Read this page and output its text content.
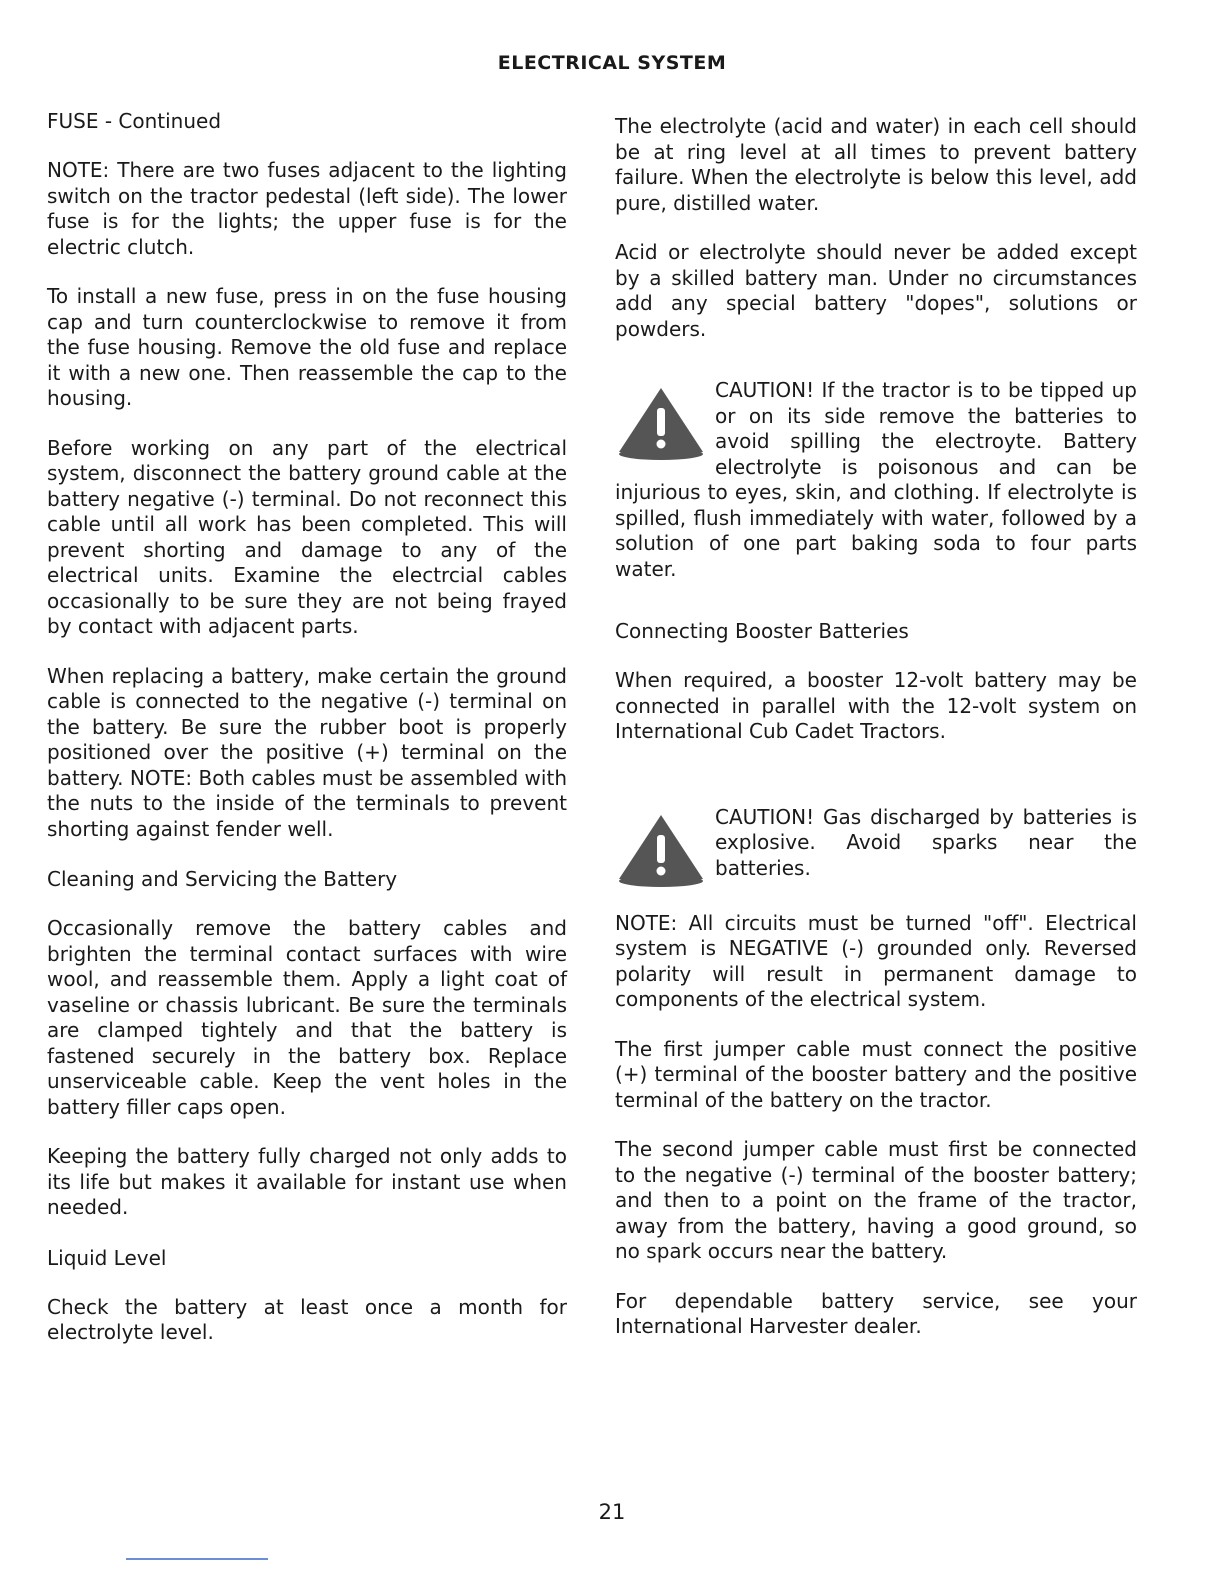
ELECTRICAL SYSTEM
FUSE - Continued

NOTE: There are two fuses adjacent to the lighting switch on the tractor pedestal (left side). The lower fuse is for the lights; the upper fuse is for the electric clutch.

To install a new fuse, press in on the fuse housing cap and turn counterclockwise to remove it from the fuse housing. Remove the old fuse and replace it with a new one. Then reassemble the cap to the housing.

Before working on any part of the electrical system, disconnect the battery ground cable at the battery negative (-) terminal. Do not reconnect this cable until all work has been completed. This will prevent shorting and damage to any of the electrical units. Examine the electrcial cables occasionally to be sure they are not being frayed by contact with adjacent parts.

When replacing a battery, make certain the ground cable is connected to the negative (-) terminal on the battery. Be sure the rubber boot is properly positioned over the positive (+) terminal on the battery. NOTE: Both cables must be assembled with the nuts to the inside of the terminals to prevent shorting against fender well.

Cleaning and Servicing the Battery

Occasionally remove the battery cables and brighten the terminal contact surfaces with wire wool, and reassemble them. Apply a light coat of vaseline or chassis lubricant. Be sure the terminals are clamped tightely and that the battery is fastened securely in the battery box. Replace unserviceable cable. Keep the vent holes in the battery filler caps open.

Keeping the battery fully charged not only adds to its life but makes it available for instant use when needed.

Liquid Level

Check the battery at least once a month for electrolyte level.

The electrolyte (acid and water) in each cell should be at ring level at all times to prevent battery failure. When the electrolyte is below this level, add pure, distilled water.

Acid or electrolyte should never be added except by a skilled battery man. Under no circumstances add any special battery "dopes", solutions or powders.

CAUTION! If the tractor is to be tipped up or on its side remove the batteries to avoid spilling the electroyte. Battery electrolyte is poisonous and can be injurious to eyes, skin, and clothing. If electrolyte is spilled, flush immediately with water, followed by a solution of one part baking soda to four parts water.

Connecting Booster Batteries

When required, a booster 12-volt battery may be connected in parallel with the 12-volt system on International Cub Cadet Tractors.

CAUTION! Gas discharged by batteries is explosive. Avoid sparks near the batteries.

NOTE: All circuits must be turned "off". Electrical system is NEGATIVE (-) grounded only. Reversed polarity will result in permanent damage to components of the electrical system.

The first jumper cable must connect the positive (+) terminal of the booster battery and the positive terminal of the battery on the tractor.

The second jumper cable must first be connected to the negative (-) terminal of the booster battery; and then to a point on the frame of the tractor, away from the battery, having a good ground, so no spark occurs near the battery.

For dependable battery service, see your International Harvester dealer.

21
